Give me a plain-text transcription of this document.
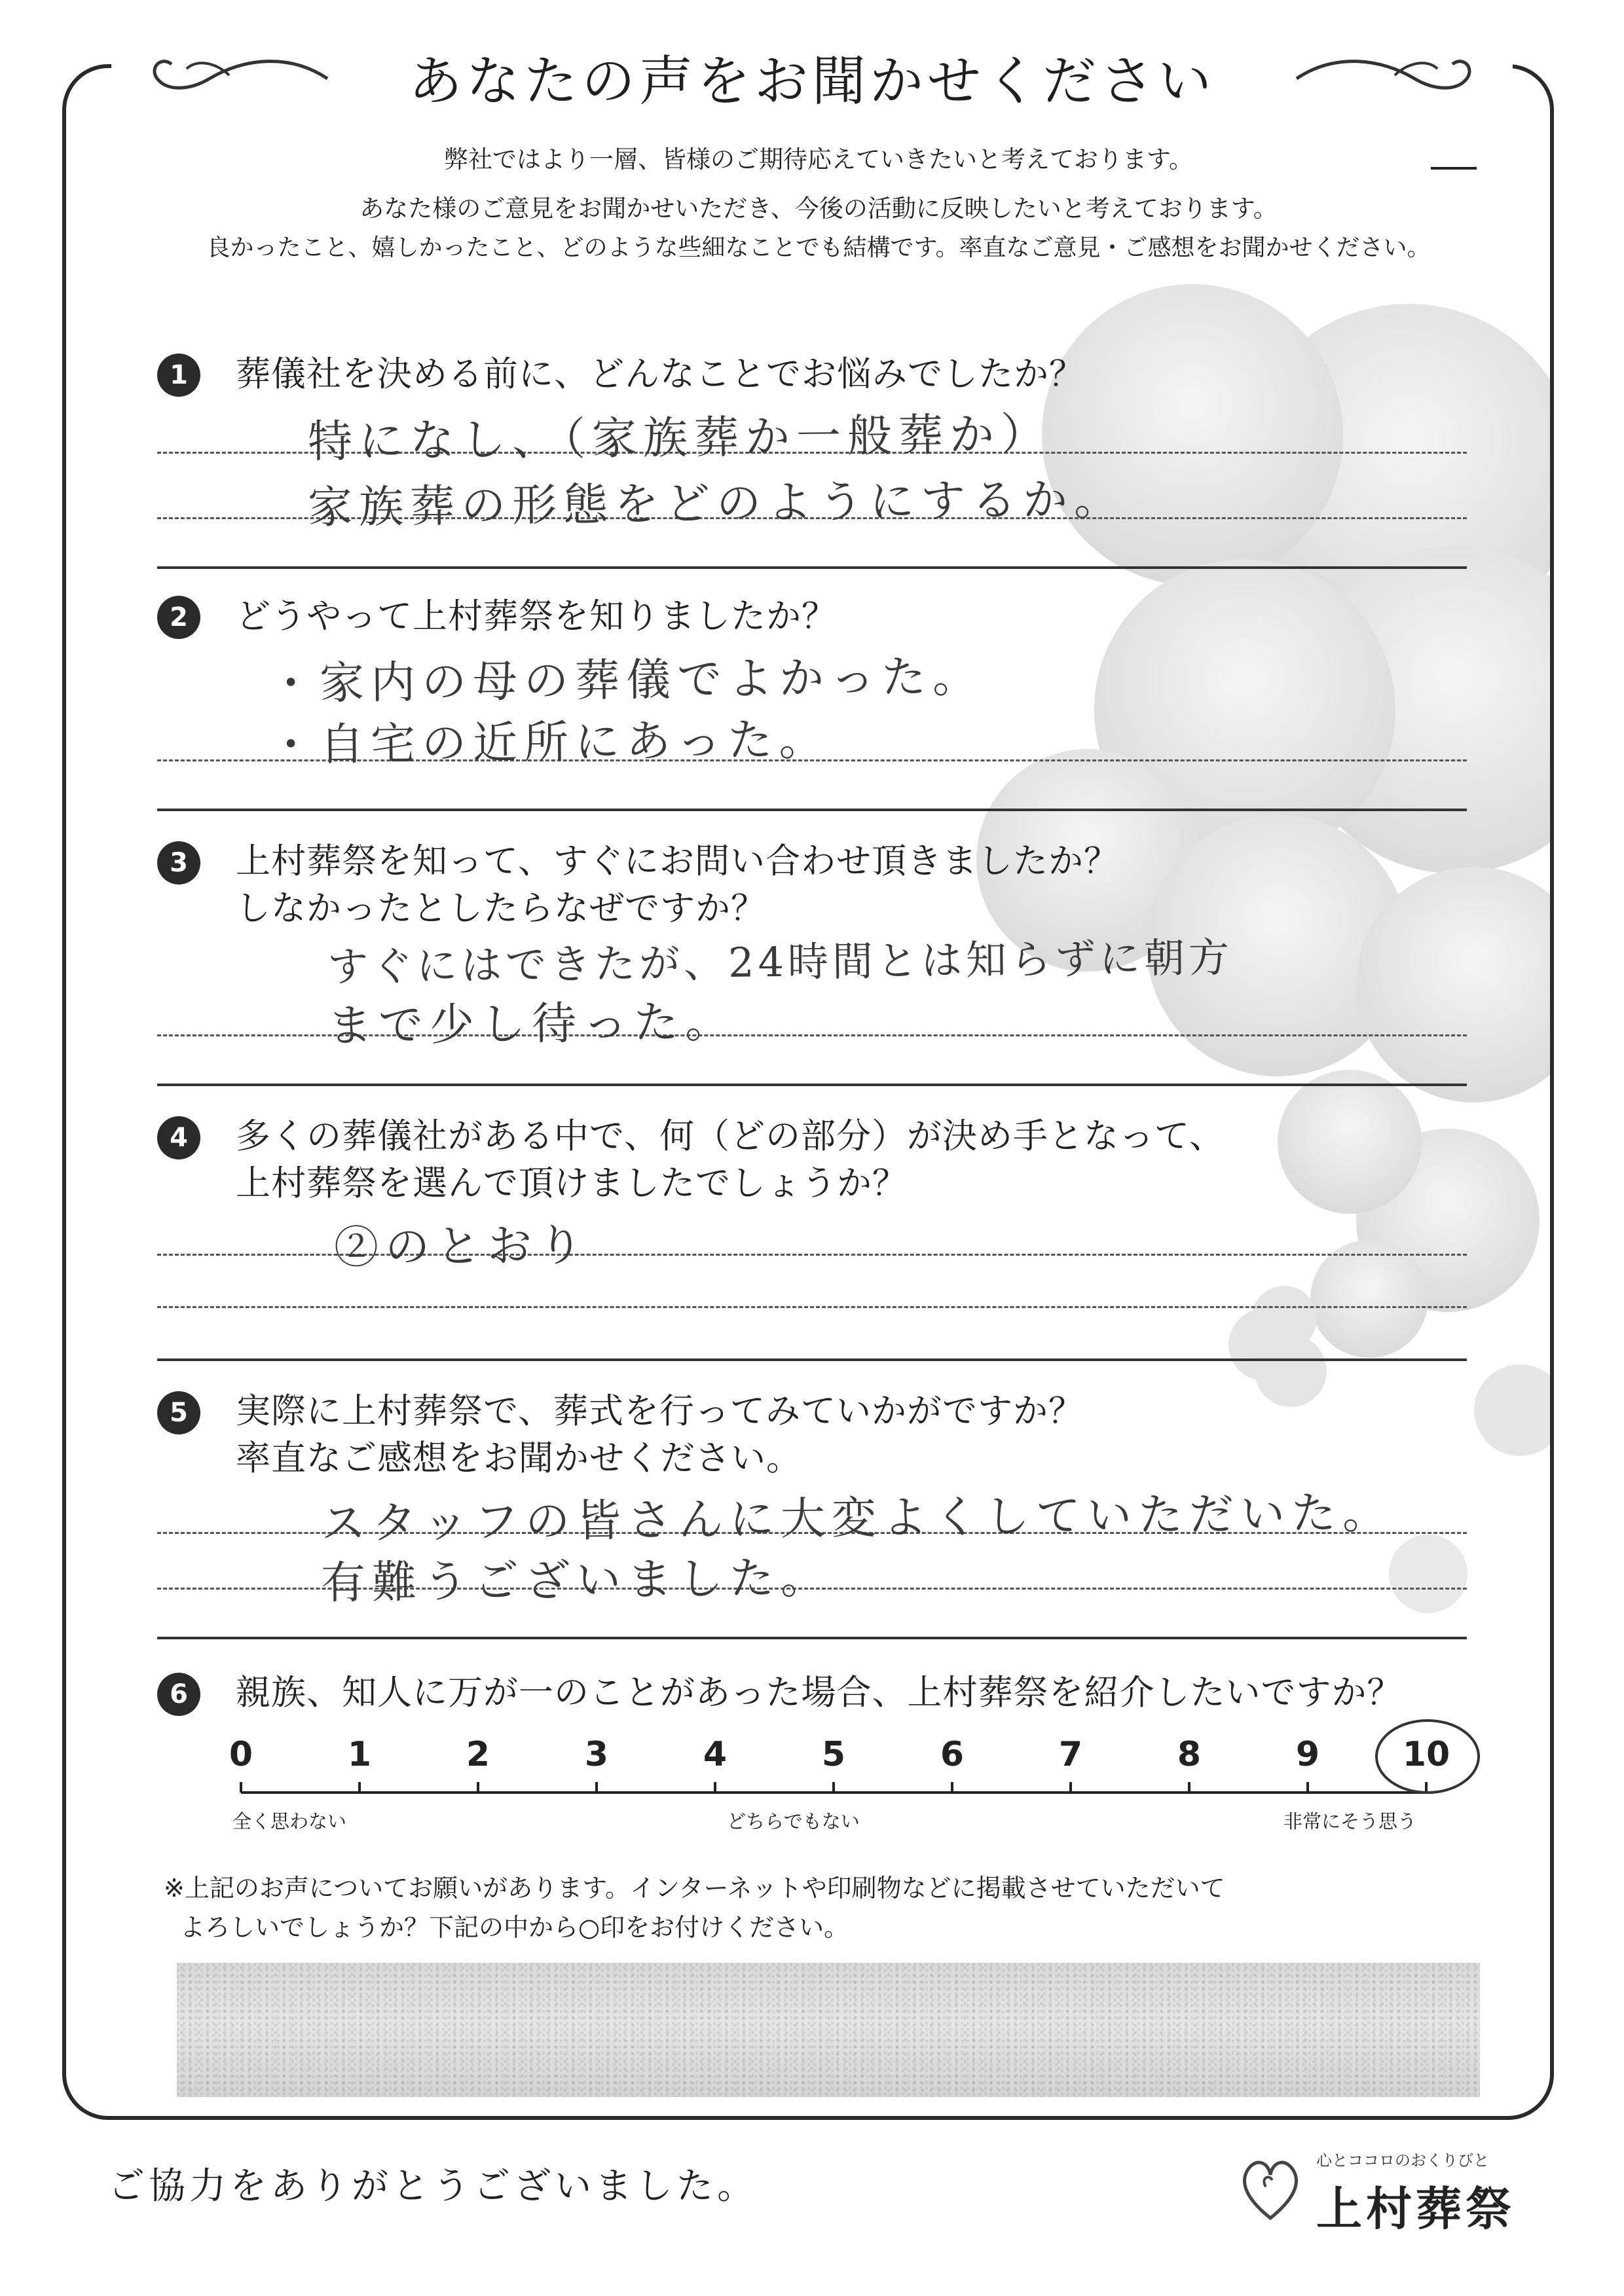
あなたの声をお聞かせください
弊社ではより一層、皆様のご期待応えていきたいと考えております。
あなた様のご意見をお聞かせいただき、今後の活動に反映したいと考えております。
良かったこと、嬉しかったこと、どのような些細なことでも結構です。率直なご意見・ご感想をお聞かせください。
1	葬儀社を決める前に、どんなことでお悩みでしたか？
特になし、（家族葬か一般葬か）
家族葬の形態をどのようにするか。
2	どうやって上村葬祭を知りましたか？
・家内の母の葬儀でよかった。
・自宅の近所にあった。
3	上村葬祭を知って、すぐにお問い合わせ頂きましたか？
しなかったとしたらなぜですか？
すぐにはできたが、24時間とは知らずに朝方
まで少し待った。
4	多くの葬儀社がある中で、何（どの部分）が決め手となって、
上村葬祭を選んで頂けましたでしょうか？
②のとおり
5	実際に上村葬祭で、葬式を行ってみていかがですか？
率直なご感想をお聞かせください。
スタッフの皆さんに大変よくしていただいた。
有難うございました。
6	親族、知人に万が一のことがあった場合、上村葬祭を紹介したいですか？
0	1	2	3	4	5	6	7	8	9	10
全く思わない	どちらでもない	非常にそう思う
※上記のお声についてお願いがあります。インターネットや印刷物などに掲載させていただいて
よろしいでしょうか？下記の中から○印をお付けください。
ご協力をありがとうございました。
心とココロのおくりびと
上村葬祭
